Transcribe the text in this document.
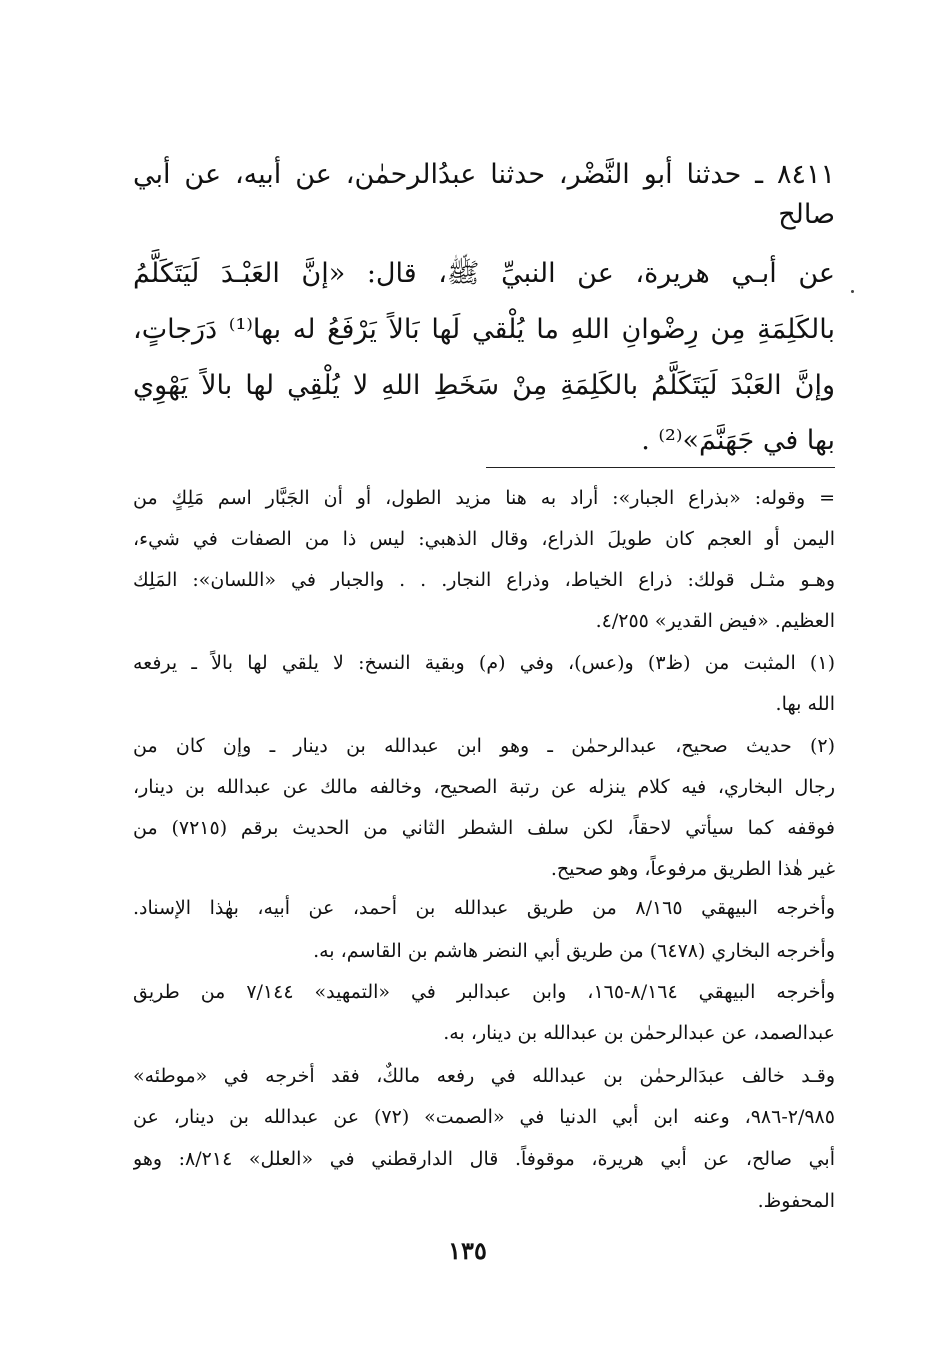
٨٤١١ ـ حدثنا أبو النَّضْر، حدثنا عبدُالرحمٰن، عن أبيه، عن أبي
صالح
عن أبـي هريرة، عن النبيِّ ﷺ، قال: «إنَّ العَبْـدَ لَيَتَكَلَّمُ
بالكَلِمَةِ مِن رِضْوانِ اللهِ ما يُلْقي لَها بَالاً يَرْفَعُ له بها⁽¹⁾ دَرَجاتٍ،
وإنَّ العَبْدَ لَيَتَكَلَّمُ بالكَلِمَةِ مِنْ سَخَطِ اللهِ لا يُلْقِي لها بالاً يَهْوِي
بها في جَهَنَّمَ»⁽²⁾ .
= وقوله: «بذراع الجبار»: أراد به هنا مزيد الطول، أو أن الجَبَّار اسم مَلِكٍ من
اليمن أو العجم كان طويلَ الذراع، وقال الذهبي: ليس ذا من الصفات في شيء،
وهـو مثـل قولك: ذراع الخياط، وذراع النجار. . . والجبار في «اللسان»: المَلِك
العظيم. «فيض القدير» ٤/٢٥٥.
(١) المثبت من (ظ٣) و(عس)، وفي (م) وبقية النسخ: لا يلقي لها بالاً ـ يرفعه
الله بها.
(٢) حديث صحيح، عبدالرحمٰن ـ وهو ابن عبدالله بن دينار ـ وإن كان من
رجال البخاري، فيه كلام ينزله عن رتبة الصحيح، وخالفه مالك عن عبدالله بن دينار،
فوقفه كما سيأتي لاحقاً، لكن سلف الشطر الثاني من الحديث برقم (٧٢١٥) من
غير هٰذا الطريق مرفوعاً، وهو صحيح.
وأخرجه البيهقي ٨/١٦٥ من طريق عبدالله بن أحمد، عن أبيه، بهٰذا الإسناد.
وأخرجه البخاري (٦٤٧٨) من طريق أبي النضر هاشم بن القاسم، به.
وأخرجه البيهقي ٨/١٦٤-١٦٥، وابن عبدالبر في «التمهيد» ٧/١٤٤ من طريق
عبدالصمد، عن عبدالرحمٰن بن عبدالله بن دينار، به.
وقـد خالف عبدَالرحمٰن بن عبدالله في رفعه مالكٌ، فقد أخرجه في «موطئه»
٢/٩٨٥-٩٨٦، وعنه ابن أبي الدنيا في «الصمت» (٧٢) عن عبدالله بن دينار، عن
أبي صالح، عن أبي هريرة، موقوفاً. قال الدارقطني في «العلل» ٨/٢١٤: وهو
المحفوظ.
١٣٥
